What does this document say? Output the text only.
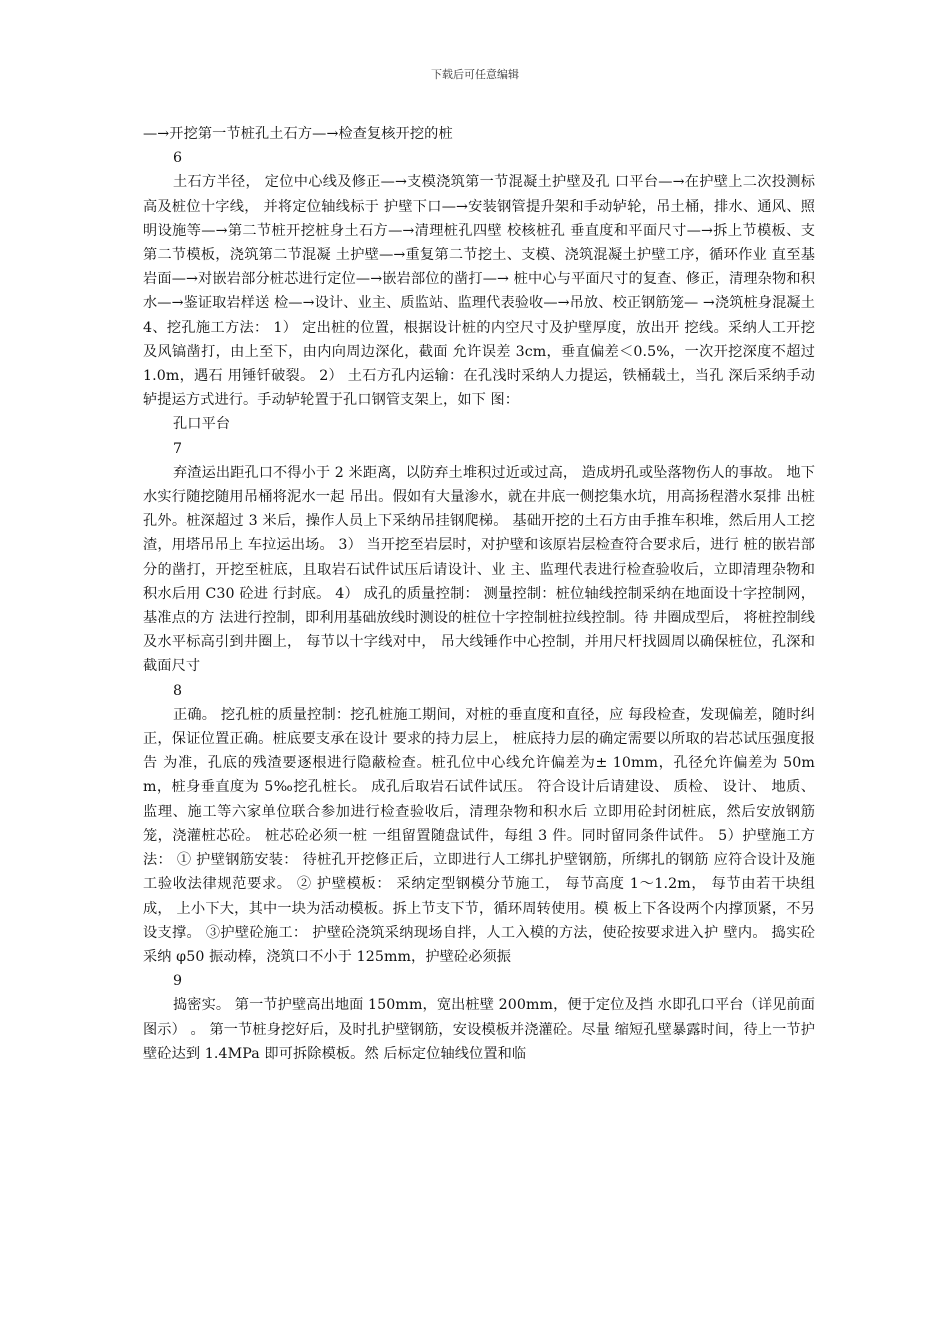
下载后可任意编辑

—→开挖第一节桩孔土石方—→检查复核开挖的桩

6

土石方半径， 定位中心线及修正—→支模浇筑第一节混凝土护壁及孔 口平台—→在护壁上二次投测标高及桩位十字线， 并将定位轴线标于 护壁下口—→安装钢管提升架和手动轳轮，吊土桶，排水、通风、照 明设施等—→第二节桩开挖桩身土石方—→清理桩孔四壁 校核桩孔 垂直度和平面尺寸—→拆上节模板、支第二节模板，浇筑第二节混凝 土护壁—→重复第二节挖土、支模、浇筑混凝土护壁工序，循环作业 直至基岩面—→对嵌岩部分桩芯进行定位—→嵌岩部位的凿打—→ 桩中心与平面尺寸的复查、修正，清理杂物和积水—→鉴证取岩样送 检—→设计、业主、质监站、监理代表验收—→吊放、校正钢筋笼— →浇筑桩身混凝土 4、挖孔施工方法： 1） 定出桩的位置，根据设计桩的内空尺寸及护壁厚度，放出开 挖线。采纳人工开挖及风镐凿打，由上至下，由内向周边深化，截面 允许误差 3cm，垂直偏差＜0.5%，一次开挖深度不超过 1.0m，遇石 用锤钎破裂。 2） 土石方孔内运输：在孔浅时采纳人力提运，铁桶载土，当孔 深后采纳手动轳提运方式进行。手动轳轮置于孔口钢管支架上，如下 图：

孔口平台

7

弃渣运出距孔口不得小于 2 米距离，以防弃土堆积过近或过高， 造成坍孔或坠落物伤人的事故。 地下水实行随挖随用吊桶将泥水一起 吊出。假如有大量渗水，就在井底一侧挖集水坑，用高扬程潜水泵排 出桩孔外。桩深超过 3 米后，操作人员上下采纳吊挂钢爬梯。 基础开挖的土石方由手推车积堆，然后用人工挖渣，用塔吊吊上 车拉运出场。 3） 当开挖至岩层时，对护壁和该原岩层检查符合要求后，进行 桩的嵌岩部分的凿打，开挖至桩底，且取岩石试件试压后请设计、业 主、监理代表进行检查验收后，立即清理杂物和积水后用 C30 砼进 行封底。 4） 成孔的质量控制： 测量控制：桩位轴线控制采纳在地面设十字控制网，基准点的方 法进行控制，即利用基础放线时测设的桩位十字控制桩拉线控制。待 井圈成型后， 将桩控制线及水平标高引到井圈上， 每节以十字线对中， 吊大线锤作中心控制，并用尺杆找圆周以确保桩位，孔深和截面尺寸

8

正确。 挖孔桩的质量控制：挖孔桩施工期间，对桩的垂直度和直径，应 每段检查，发现偏差，随时纠正，保证位置正确。桩底要支承在设计 要求的持力层上， 桩底持力层的确定需要以所取的岩芯试压强度报告 为准，孔底的残渣要逐根进行隐蔽检查。桩孔位中心线允许偏差为± 10mm，孔径允许偏差为 50mm，桩身垂直度为 5‰挖孔桩长。 成孔后取岩石试件试压。 符合设计后请建设、 质检、 设计、 地质、 监理、施工等六家单位联合参加进行检查验收后，清理杂物和积水后 立即用砼封闭桩底，然后安放钢筋笼，浇灌桩芯砼。 桩芯砼必须一桩 一组留置随盘试件，每组 3 件。同时留同条件试件。 5）护壁施工方法： ① 护壁钢筋安装： 待桩孔开挖修正后，立即进行人工绑扎护壁钢筋，所绑扎的钢筋 应符合设计及施工验收法律规范要求。 ② 护壁模板： 采纳定型钢模分节施工， 每节高度 1～1.2m， 每节由若干块组成， 上小下大，其中一块为活动模板。拆上节支下节，循环周转使用。模 板上下各设两个内撑顶紧，不另设支撑。 ③护壁砼施工： 护壁砼浇筑采纳现场自拌，人工入模的方法，使砼按要求进入护 壁内。 捣实砼采纳 φ50 振动棒，浇筑口不小于 125mm，护壁砼必须振

9

捣密实。 第一节护壁高出地面 150mm，宽出桩壁 200mm，便于定位及挡 水即孔口平台（详见前面图示） 。 第一节桩身挖好后，及时扎护壁钢筋，安设模板并浇灌砼。尽量 缩短孔壁暴露时间，待上一节护壁砼达到 1.4MPa 即可拆除模板。然 后标定位轴线位置和临
